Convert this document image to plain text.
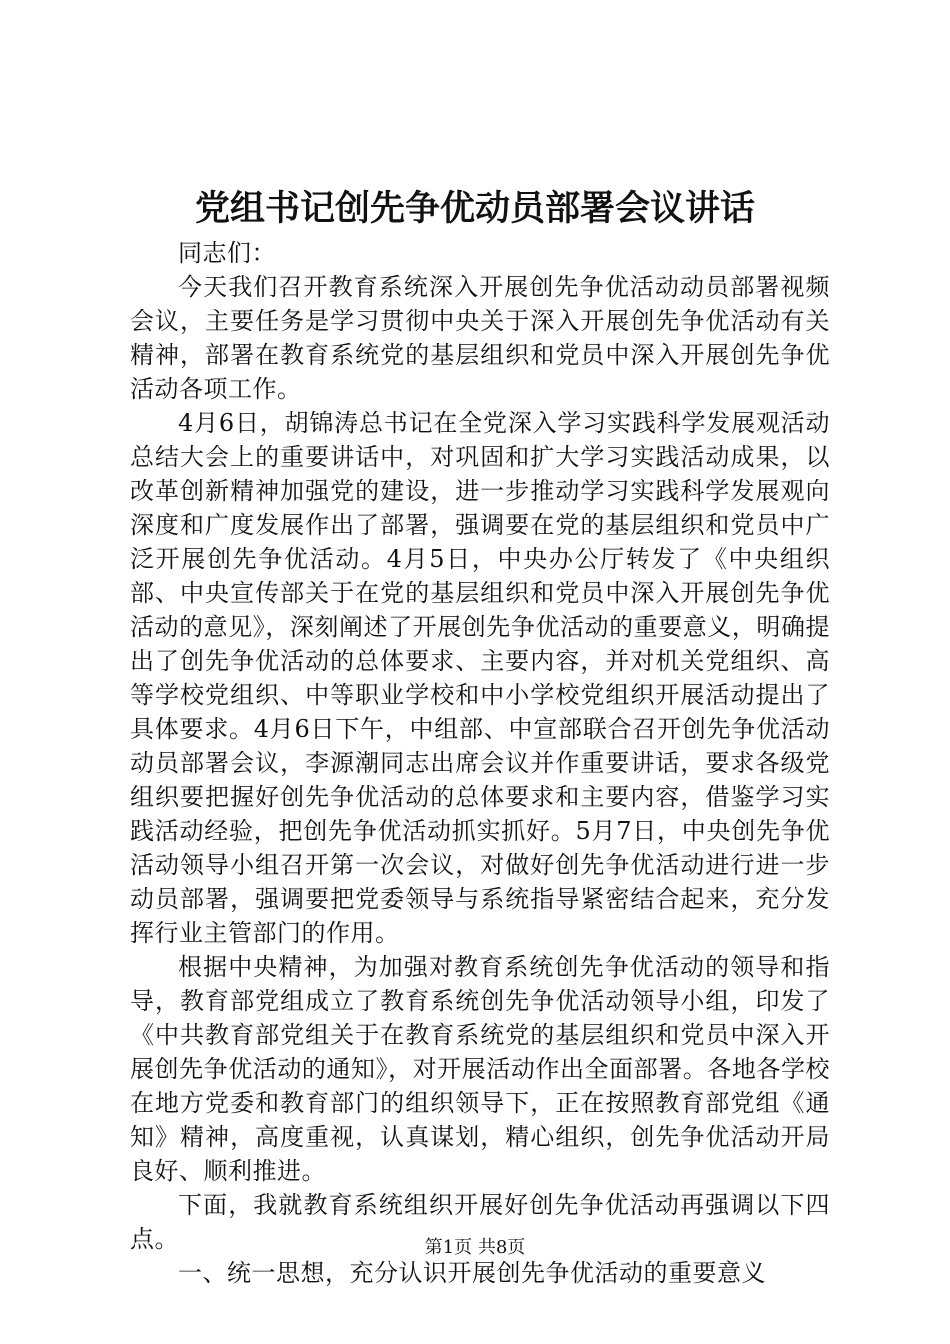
党组书记创先争优动员部署会议讲话

同志们：

今天我们召开教育系统深入开展创先争优活动动员部署视频会议，主要任务是学习贯彻中央关于深入开展创先争优活动有关精神，部署在教育系统党的基层组织和党员中深入开展创先争优活动各项工作。

4月6日，胡锦涛总书记在全党深入学习实践科学发展观活动总结大会上的重要讲话中，对巩固和扩大学习实践活动成果，以改革创新精神加强党的建设，进一步推动学习实践科学发展观向深度和广度发展作出了部署，强调要在党的基层组织和党员中广泛开展创先争优活动。4月5日，中央办公厅转发了《中央组织部、中央宣传部关于在党的基层组织和党员中深入开展创先争优活动的意见》，深刻阐述了开展创先争优活动的重要意义，明确提出了创先争优活动的总体要求、主要内容，并对机关党组织、高等学校党组织、中等职业学校和中小学校党组织开展活动提出了具体要求。4月6日下午，中组部、中宣部联合召开创先争优活动动员部署会议，李源潮同志出席会议并作重要讲话，要求各级党组织要把握好创先争优活动的总体要求和主要内容，借鉴学习实践活动经验，把创先争优活动抓实抓好。5月7日，中央创先争优活动领导小组召开第一次会议，对做好创先争优活动进行进一步动员部署，强调要把党委领导与系统指导紧密结合起来，充分发挥行业主管部门的作用。

根据中央精神，为加强对教育系统创先争优活动的领导和指导，教育部党组成立了教育系统创先争优活动领导小组，印发了《中共教育部党组关于在教育系统党的基层组织和党员中深入开展创先争优活动的通知》，对开展活动作出全面部署。各地各学校在地方党委和教育部门的组织领导下，正在按照教育部党组《通知》精神，高度重视，认真谋划，精心组织，创先争优活动开局良好、顺利推进。

下面，我就教育系统组织开展好创先争优活动再强调以下四点。

一、统一思想，充分认识开展创先争优活动的重要意义

第1页 共8页
